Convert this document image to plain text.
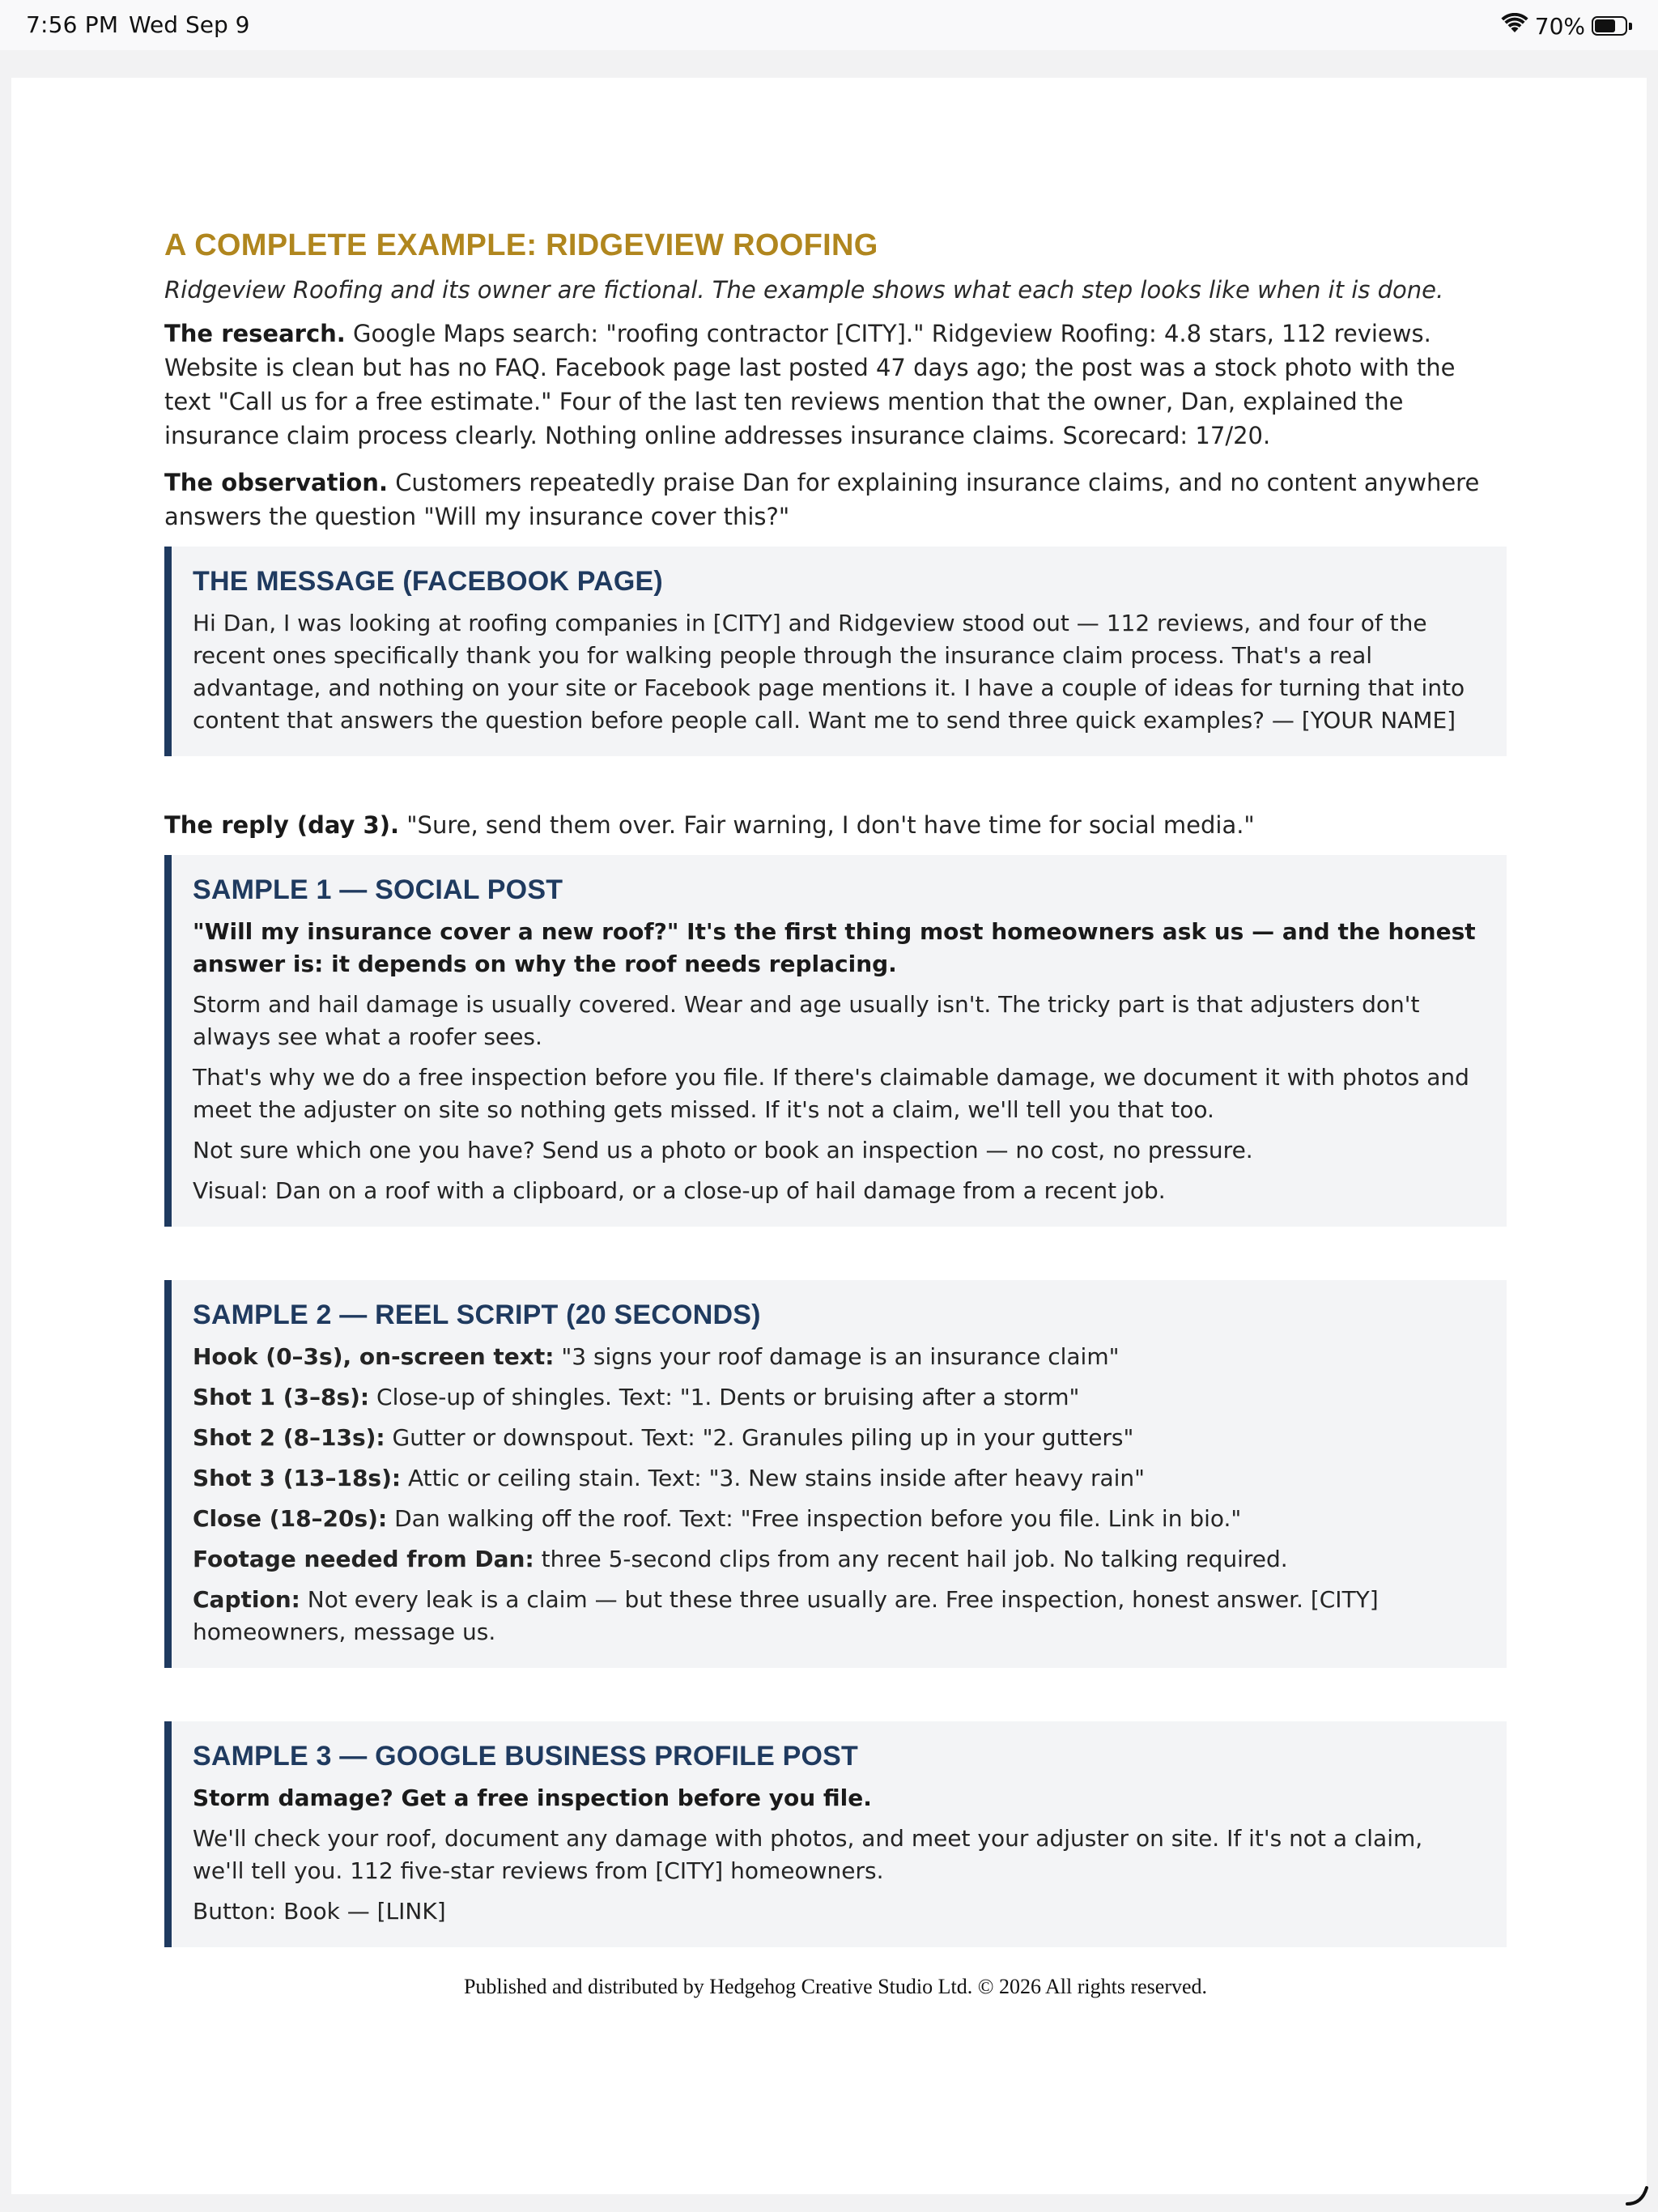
7:56 PM Wed Sep 9	70%
A COMPLETE EXAMPLE: RIDGEVIEW ROOFING

Ridgeview Roofing and its owner are fictional. The example shows what each step looks like when it is done.

The research. Google Maps search: "roofing contractor [CITY]." Ridgeview Roofing: 4.8 stars, 112 reviews. Website is clean but has no FAQ. Facebook page last posted 47 days ago; the post was a stock photo with the text "Call us for a free estimate." Four of the last ten reviews mention that the owner, Dan, explained the insurance claim process clearly. Nothing online addresses insurance claims. Scorecard: 17/20.

The observation. Customers repeatedly praise Dan for explaining insurance claims, and no content anywhere answers the question "Will my insurance cover this?"

THE MESSAGE (FACEBOOK PAGE)
Hi Dan, I was looking at roofing companies in [CITY] and Ridgeview stood out — 112 reviews, and four of the recent ones specifically thank you for walking people through the insurance claim process. That's a real advantage, and nothing on your site or Facebook page mentions it. I have a couple of ideas for turning that into content that answers the question before people call. Want me to send three quick examples? — [YOUR NAME]

The reply (day 3). "Sure, send them over. Fair warning, I don't have time for social media."

SAMPLE 1 — SOCIAL POST
"Will my insurance cover a new roof?" It's the first thing most homeowners ask us — and the honest answer is: it depends on why the roof needs replacing.
Storm and hail damage is usually covered. Wear and age usually isn't. The tricky part is that adjusters don't always see what a roofer sees.
That's why we do a free inspection before you file. If there's claimable damage, we document it with photos and meet the adjuster on site so nothing gets missed. If it's not a claim, we'll tell you that too.
Not sure which one you have? Send us a photo or book an inspection — no cost, no pressure.
Visual: Dan on a roof with a clipboard, or a close-up of hail damage from a recent job.
SAMPLE 2 — REEL SCRIPT (20 SECONDS)
Hook (0–3s), on-screen text: "3 signs your roof damage is an insurance claim"
Shot 1 (3–8s): Close-up of shingles. Text: "1. Dents or bruising after a storm"
Shot 2 (8–13s): Gutter or downspout. Text: "2. Granules piling up in your gutters"
Shot 3 (13–18s): Attic or ceiling stain. Text: "3. New stains inside after heavy rain"
Close (18–20s): Dan walking off the roof. Text: "Free inspection before you file. Link in bio."
Footage needed from Dan: three 5-second clips from any recent hail job. No talking required.
Caption: Not every leak is a claim — but these three usually are. Free inspection, honest answer. [CITY] homeowners, message us.
SAMPLE 3 — GOOGLE BUSINESS PROFILE POST
Storm damage? Get a free inspection before you file.
We'll check your roof, document any damage with photos, and meet your adjuster on site. If it's not a claim, we'll tell you. 112 five-star reviews from [CITY] homeowners.
Button: Book — [LINK]
Published and distributed by Hedgehog Creative Studio Ltd. © 2026 All rights reserved.
